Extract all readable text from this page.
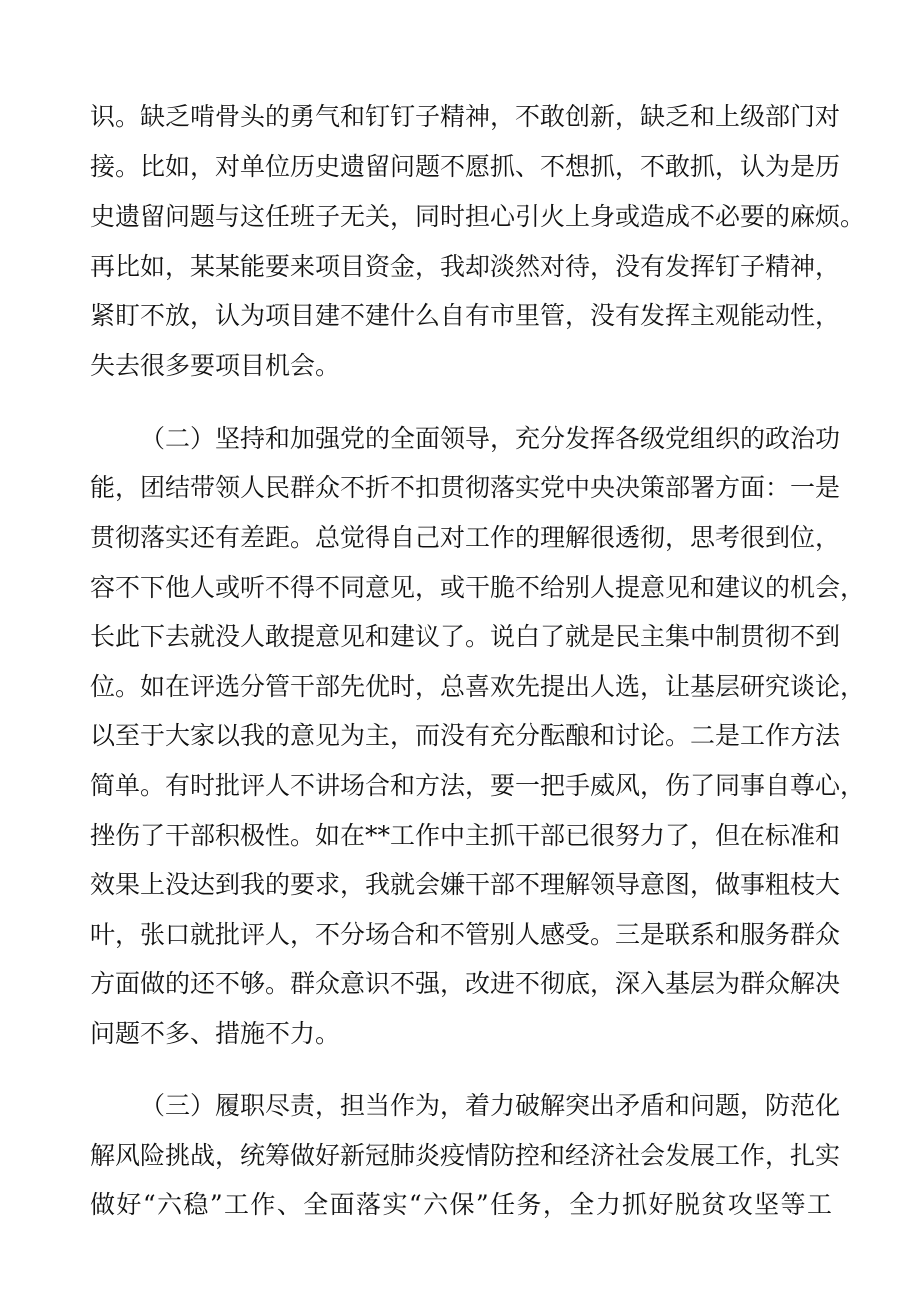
识。缺乏啃骨头的勇气和钉钉子精神，不敢创新，缺乏和上级部门对
接。比如，对单位历史遗留问题不愿抓、不想抓，不敢抓，认为是历
史遗留问题与这任班子无关，同时担心引火上身或造成不必要的麻烦。
再比如，某某能要来项目资金，我却淡然对待，没有发挥钉子精神，
紧盯不放，认为项目建不建什么自有市里管，没有发挥主观能动性，
失去很多要项目机会。
（二）坚持和加强党的全面领导，充分发挥各级党组织的政治功
能，团结带领人民群众不折不扣贯彻落实党中央决策部署方面：一是
贯彻落实还有差距。总觉得自己对工作的理解很透彻，思考很到位，
容不下他人或听不得不同意见，或干脆不给别人提意见和建议的机会，
长此下去就没人敢提意见和建议了。说白了就是民主集中制贯彻不到
位。如在评选分管干部先优时，总喜欢先提出人选，让基层研究谈论，
以至于大家以我的意见为主，而没有充分酝酿和讨论。二是工作方法
简单。有时批评人不讲场合和方法，要一把手威风，伤了同事自尊心，
挫伤了干部积极性。如在**工作中主抓干部已很努力了，但在标准和
效果上没达到我的要求，我就会嫌干部不理解领导意图，做事粗枝大
叶，张口就批评人，不分场合和不管别人感受。三是联系和服务群众
方面做的还不够。群众意识不强，改进不彻底，深入基层为群众解决
问题不多、措施不力。
（三）履职尽责，担当作为，着力破解突出矛盾和问题，防范化
解风险挑战，统筹做好新冠肺炎疫情防控和经济社会发展工作，扎实
做好“六稳”工作、全面落实“六保”任务，全力抓好脱贫攻坚等工
